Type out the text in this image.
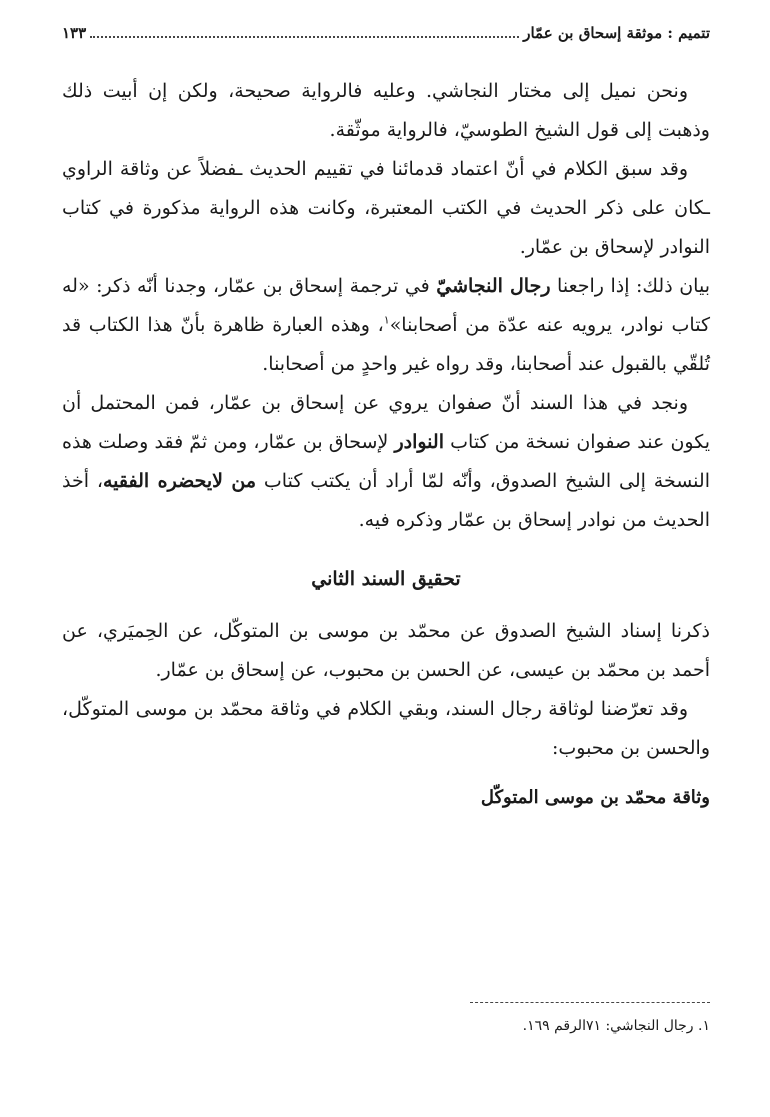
تتميم : موثقة إسحاق بن عمّار
١٣٣

ونحن نميل إلى مختار النجاشي. وعليه فالرواية صحيحة، ولكن إن أبيت ذلك وذهبت إلى قول الشيخ الطوسيّ، فالرواية موثّقة.

وقد سبق الكلام في أنّ اعتماد قدمائنا في تقييم الحديث ـفضلاً عن وثاقة الراوي ـكان على ذكر الحديث في الكتب المعتبرة، وكانت هذه الرواية مذكورة في كتاب النوادر لإسحاق بن عمّار.

بيان ذلك: إذا راجعنا رجال النجاشيّ في ترجمة إسحاق بن عمّار، وجدنا أنّه ذكر: «له كتاب نوادر، يرويه عنه عدّة من أصحابنا»$^١$، وهذه العبارة ظاهرة بأنّ هذا الكتاب قد تُلقّي بالقبول عند أصحابنا، وقد رواه غير واحدٍ من أصحابنا.

ونجد في هذا السند أنّ صفوان يروي عن إسحاق بن عمّار، فمن المحتمل أن يكون عند صفوان نسخة من كتاب النوادر لإسحاق بن عمّار، ومن ثمّ فقد وصلت هذه النسخة إلى الشيخ الصدوق، وأنّه لمّا أراد أن يكتب كتاب من لايحضره الفقيه، أخذ الحديث من نوادر إسحاق بن عمّار وذكره فيه.

تحقيق السند الثاني

ذكرنا إسناد الشيخ الصدوق عن محمّد بن موسى بن المتوكّل، عن الحِميَري، عن أحمد بن محمّد بن عيسى، عن الحسن بن محبوب، عن إسحاق بن عمّار.

وقد تعرّضنا لوثاقة رجال السند، وبقي الكلام في وثاقة محمّد بن موسى المتوكّل، والحسن بن محبوب:

وثاقة محمّد بن موسى المتوكّل
١. رجال النجاشي: ٧١الرقم ١٦٩.
